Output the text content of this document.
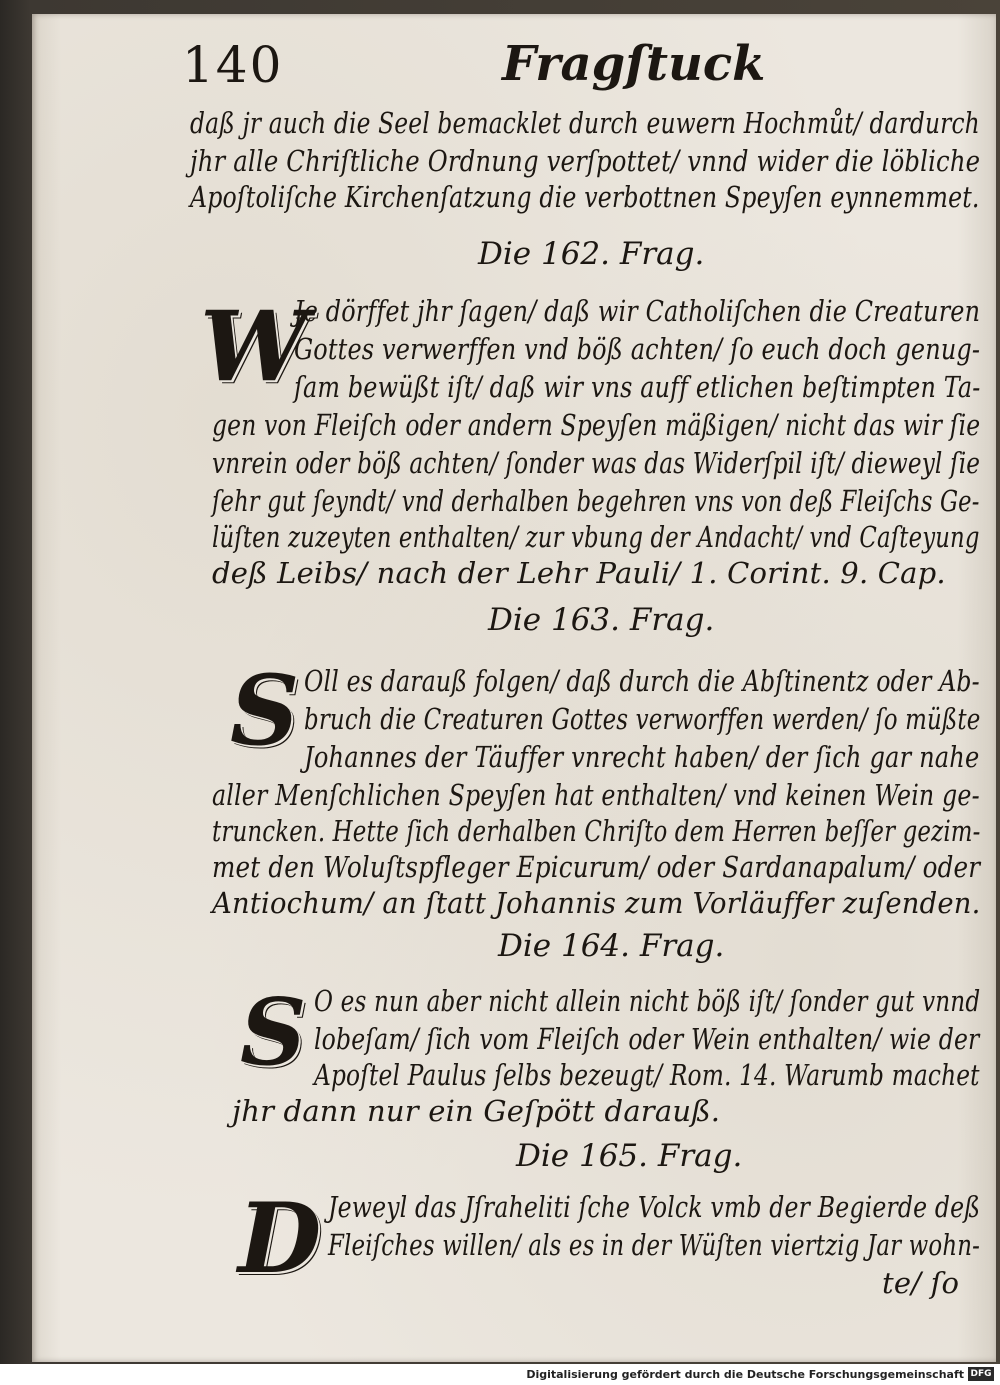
140	Fragſtuck
daß jr auch die Seel bemacklet durch euwern Hochmůt/ dardurch
jhr alle Chriſtliche Ordnung verſpottet/ vnnd wider die löbliche
Apoſtoliſche Kirchenſatzung die verbottnen Speyſen eynnemmet.
Die 162. Frag.
W
Je dörffet jhr ſagen/ daß wir Catholiſchen die Creaturen
Gottes verwerffen vnd böß achten/ ſo euch doch genug-
ſam bewüßt iſt/ daß wir vns auff etlichen beſtimpten Ta-
gen von Fleiſch oder andern Speyſen mäßigen/ nicht das wir ſie
vnrein oder böß achten/ ſonder was das Widerſpil iſt/ dieweyl ſie
ſehr gut ſeyndt/ vnd derhalben begehren vns von deß Fleiſchs Ge-
lüſten zuzeyten enthalten/ zur vbung der Andacht/ vnd Caſteyung
deß Leibs/ nach der Lehr Pauli/ 1. Corint. 9. Cap.
Die 163. Frag.
S Oll es darauß folgen/ daß durch die Abſtinentz oder Ab-
bruch die Creaturen Gottes verworffen werden/ ſo müßte
Johannes der Täuffer vnrecht haben/ der ſich gar nahe
aller Menſchlichen Speyſen hat enthalten/ vnd keinen Wein ge-
truncken. Hette ſich derhalben Chriſto dem Herren beſſer gezim-
met den Woluſtspfleger Epicurum/ oder Sardanapalum/ oder
Antiochum/ an ſtatt Johannis zum Vorläuffer zuſenden.
Die 164. Frag.
S O es nun aber nicht allein nicht böß iſt/ ſonder gut vnnd
lobeſam/ ſich vom Fleiſch oder Wein enthalten/ wie der
Apoſtel Paulus ſelbs bezeugt/ Rom. 14. Warumb machet
jhr dann nur ein Geſpött darauß.
Die 165. Frag.
D Jeweyl das Jſraheliti ſche Volck vmb der Begierde deß
Fleiſches willen/ als es in der Wüſten viertzig Jar wohn-
te/ ſo
Digitalisierung gefördert durch die Deutsche Forschungsgemeinschaft DFG
